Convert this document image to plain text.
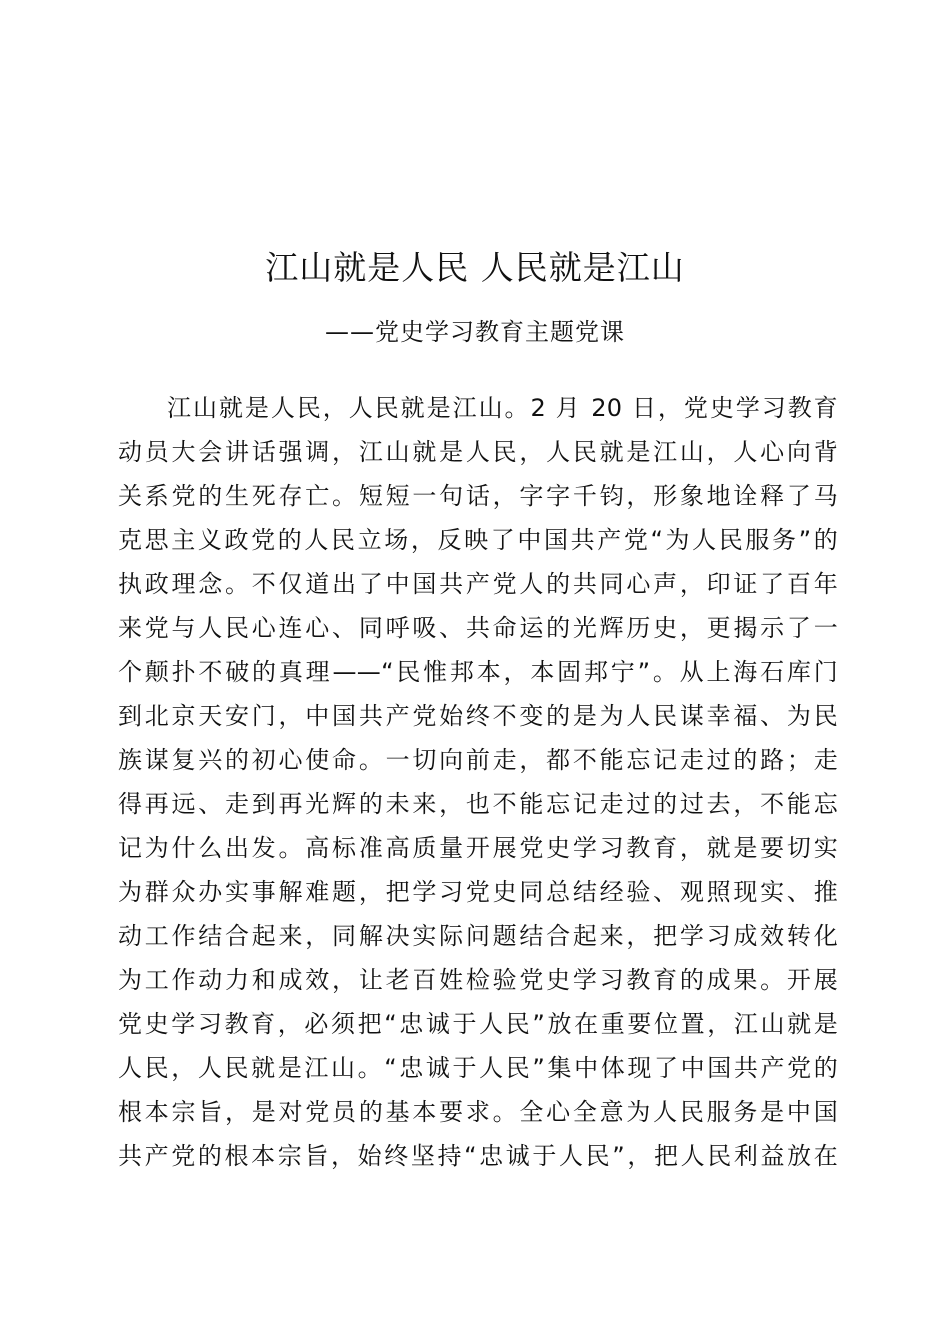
江山就是人民 人民就是江山
——党史学习教育主题党课
江山就是人民，人民就是江山。2 月 20 日，党史学习教育
动员大会讲话强调，江山就是人民，人民就是江山，人心向背
关系党的生死存亡。短短一句话，字字千钧，形象地诠释了马
克思主义政党的人民立场，反映了中国共产党“为人民服务”的
执政理念。不仅道出了中国共产党人的共同心声，印证了百年
来党与人民心连心、同呼吸、共命运的光辉历史，更揭示了一
个颠扑不破的真理——“民惟邦本，本固邦宁”。从上海石库门
到北京天安门，中国共产党始终不变的是为人民谋幸福、为民
族谋复兴的初心使命。一切向前走，都不能忘记走过的路；走
得再远、走到再光辉的未来，也不能忘记走过的过去，不能忘
记为什么出发。高标准高质量开展党史学习教育，就是要切实
为群众办实事解难题，把学习党史同总结经验、观照现实、推
动工作结合起来，同解决实际问题结合起来，把学习成效转化
为工作动力和成效，让老百姓检验党史学习教育的成果。开展
党史学习教育，必须把“忠诚于人民”放在重要位置，江山就是
人民，人民就是江山。“忠诚于人民”集中体现了中国共产党的
根本宗旨，是对党员的基本要求。全心全意为人民服务是中国
共产党的根本宗旨，始终坚持“忠诚于人民”，把人民利益放在
